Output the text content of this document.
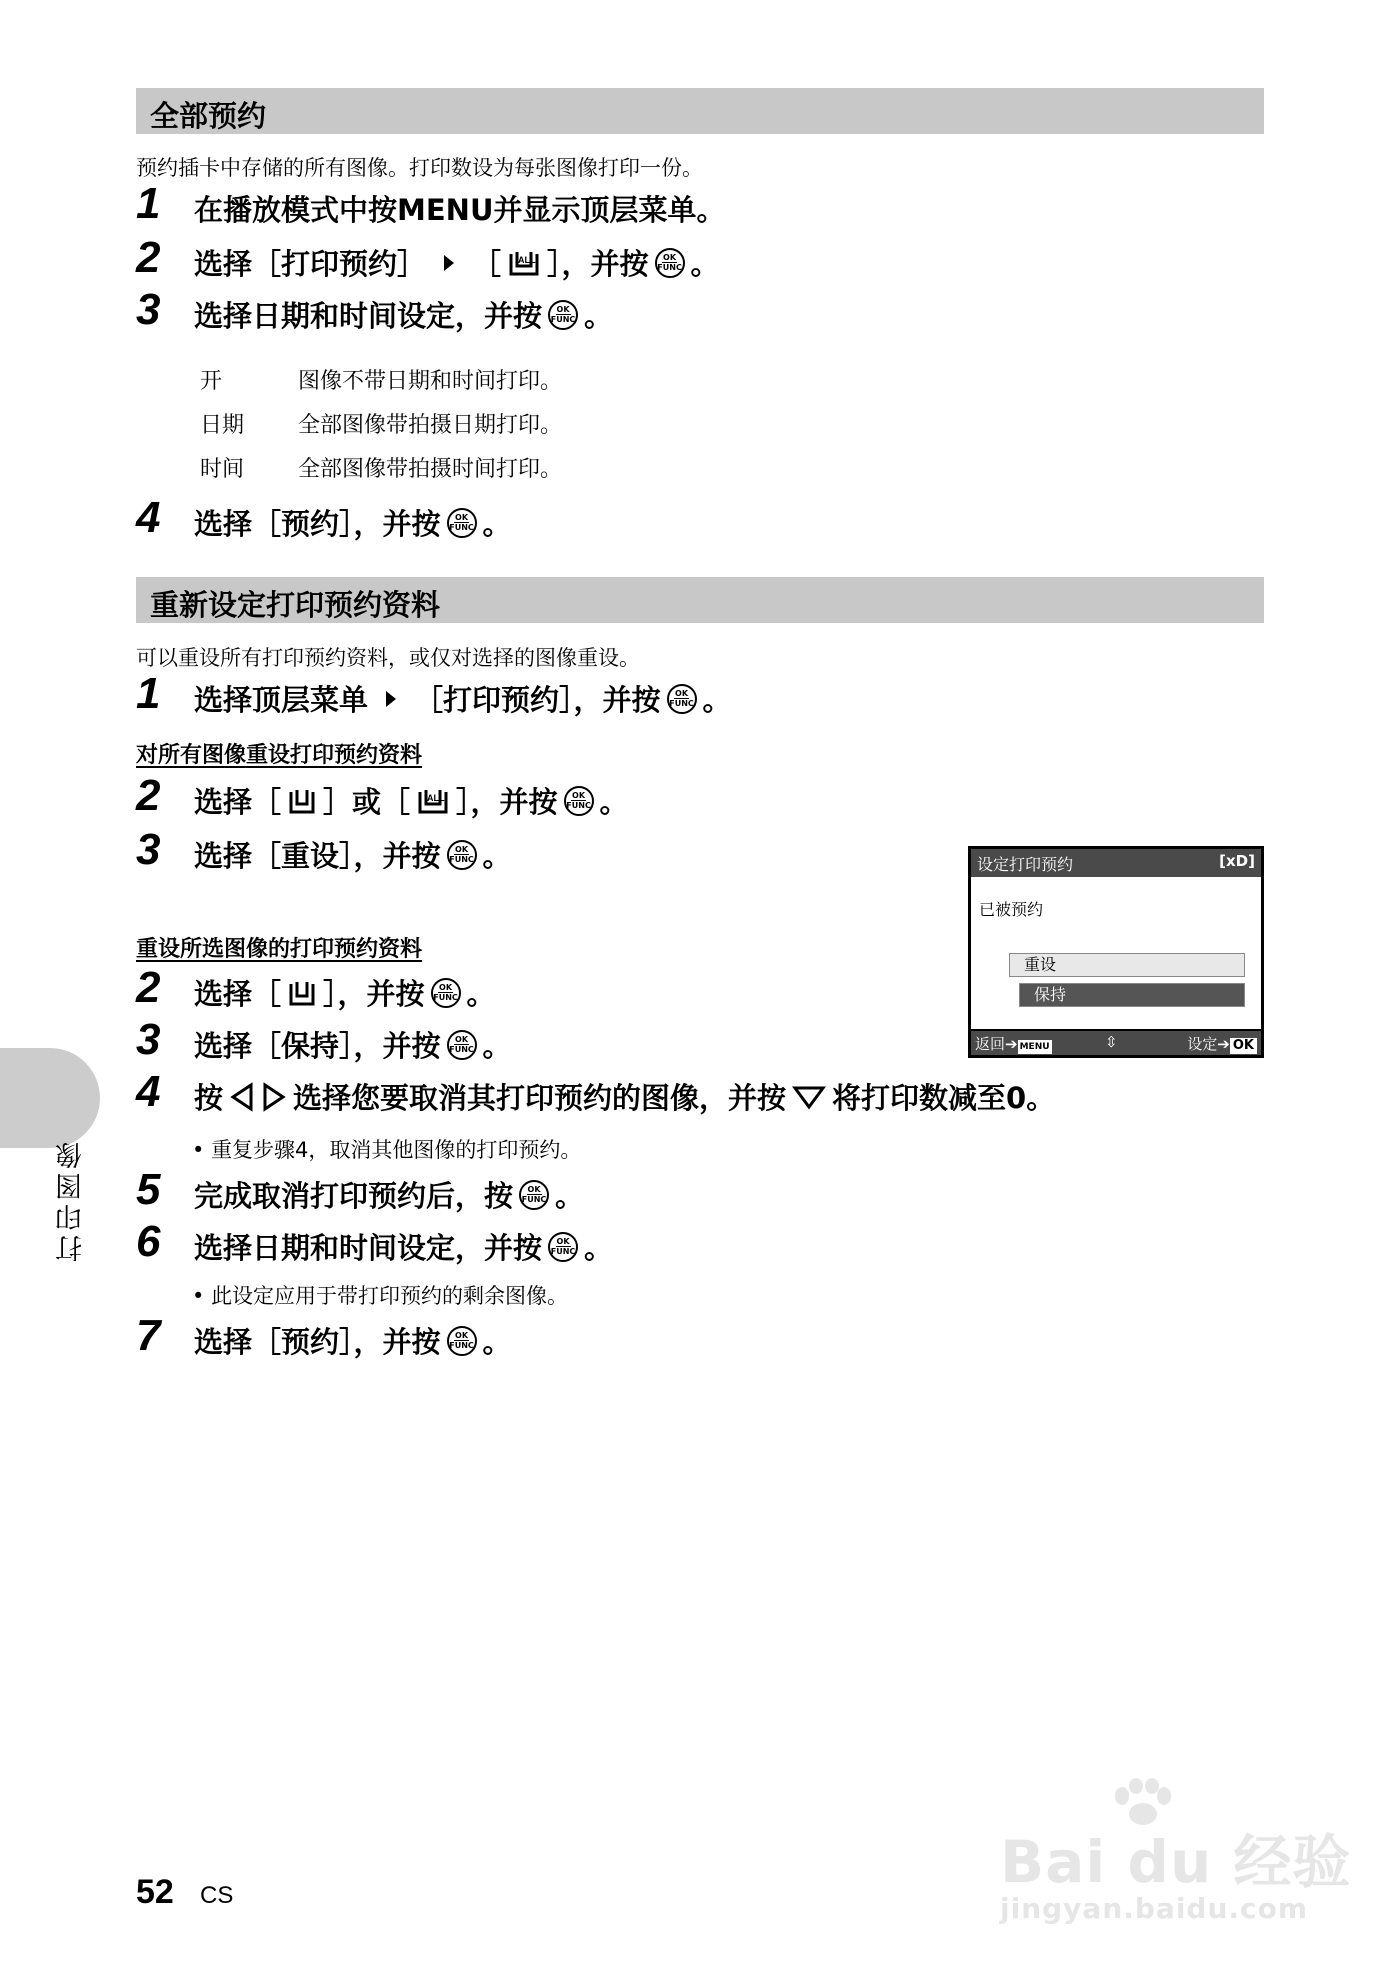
全部预约
预约插卡中存储的所有图像。打印数设为每张图像打印一份。
1 在播放模式中按MENU并显示顶层菜单。
2 选择［打印预约］ ［ ALL ］，并按 OK
FUNC 。
3 选择日期和时间设定，并按 OK
FUNC 。
开	图像不带日期和时间打印。
日期 全部图像带拍摄日期打印。
时间 全部图像带拍摄时间打印。
4 选择［预约］，并按 OK
FUNC 。
重新设定打印预约资料
可以重设所有打印预约资料，或仅对选择的图像重设。
1 选择顶层菜单 ［打印预约］，并按 OK
FUNC 。
对所有图像重设打印预约资料
2 选择［ ］或［ ALL ］，并按 OK
FUNC 。
3 选择［重设］，并按 OK
FUNC 。
重设所选图像的打印预约资料
2 选择［ ］，并按 OK
FUNC 。
3 选择［保持］，并按 OK
FUNC 。
4 按 选择您要取消其打印预约的图像，并按 将打印数减至0。
• 重复步骤4，取消其他图像的打印预约。
5 完成取消打印预约后，按 OK
FUNC 。
6 选择日期和时间设定，并按 OK
FUNC 。
• 此设定应用于带打印预约的剩余图像。
7 选择［预约］，并按 OK
FUNC 。
设定打印预约	[xD]
已被预约
重设
保持
返回➔ MENU	⇳	设定➔ OK
打印图像
52 CS	Bai du 经验
jingyan.baidu.com
